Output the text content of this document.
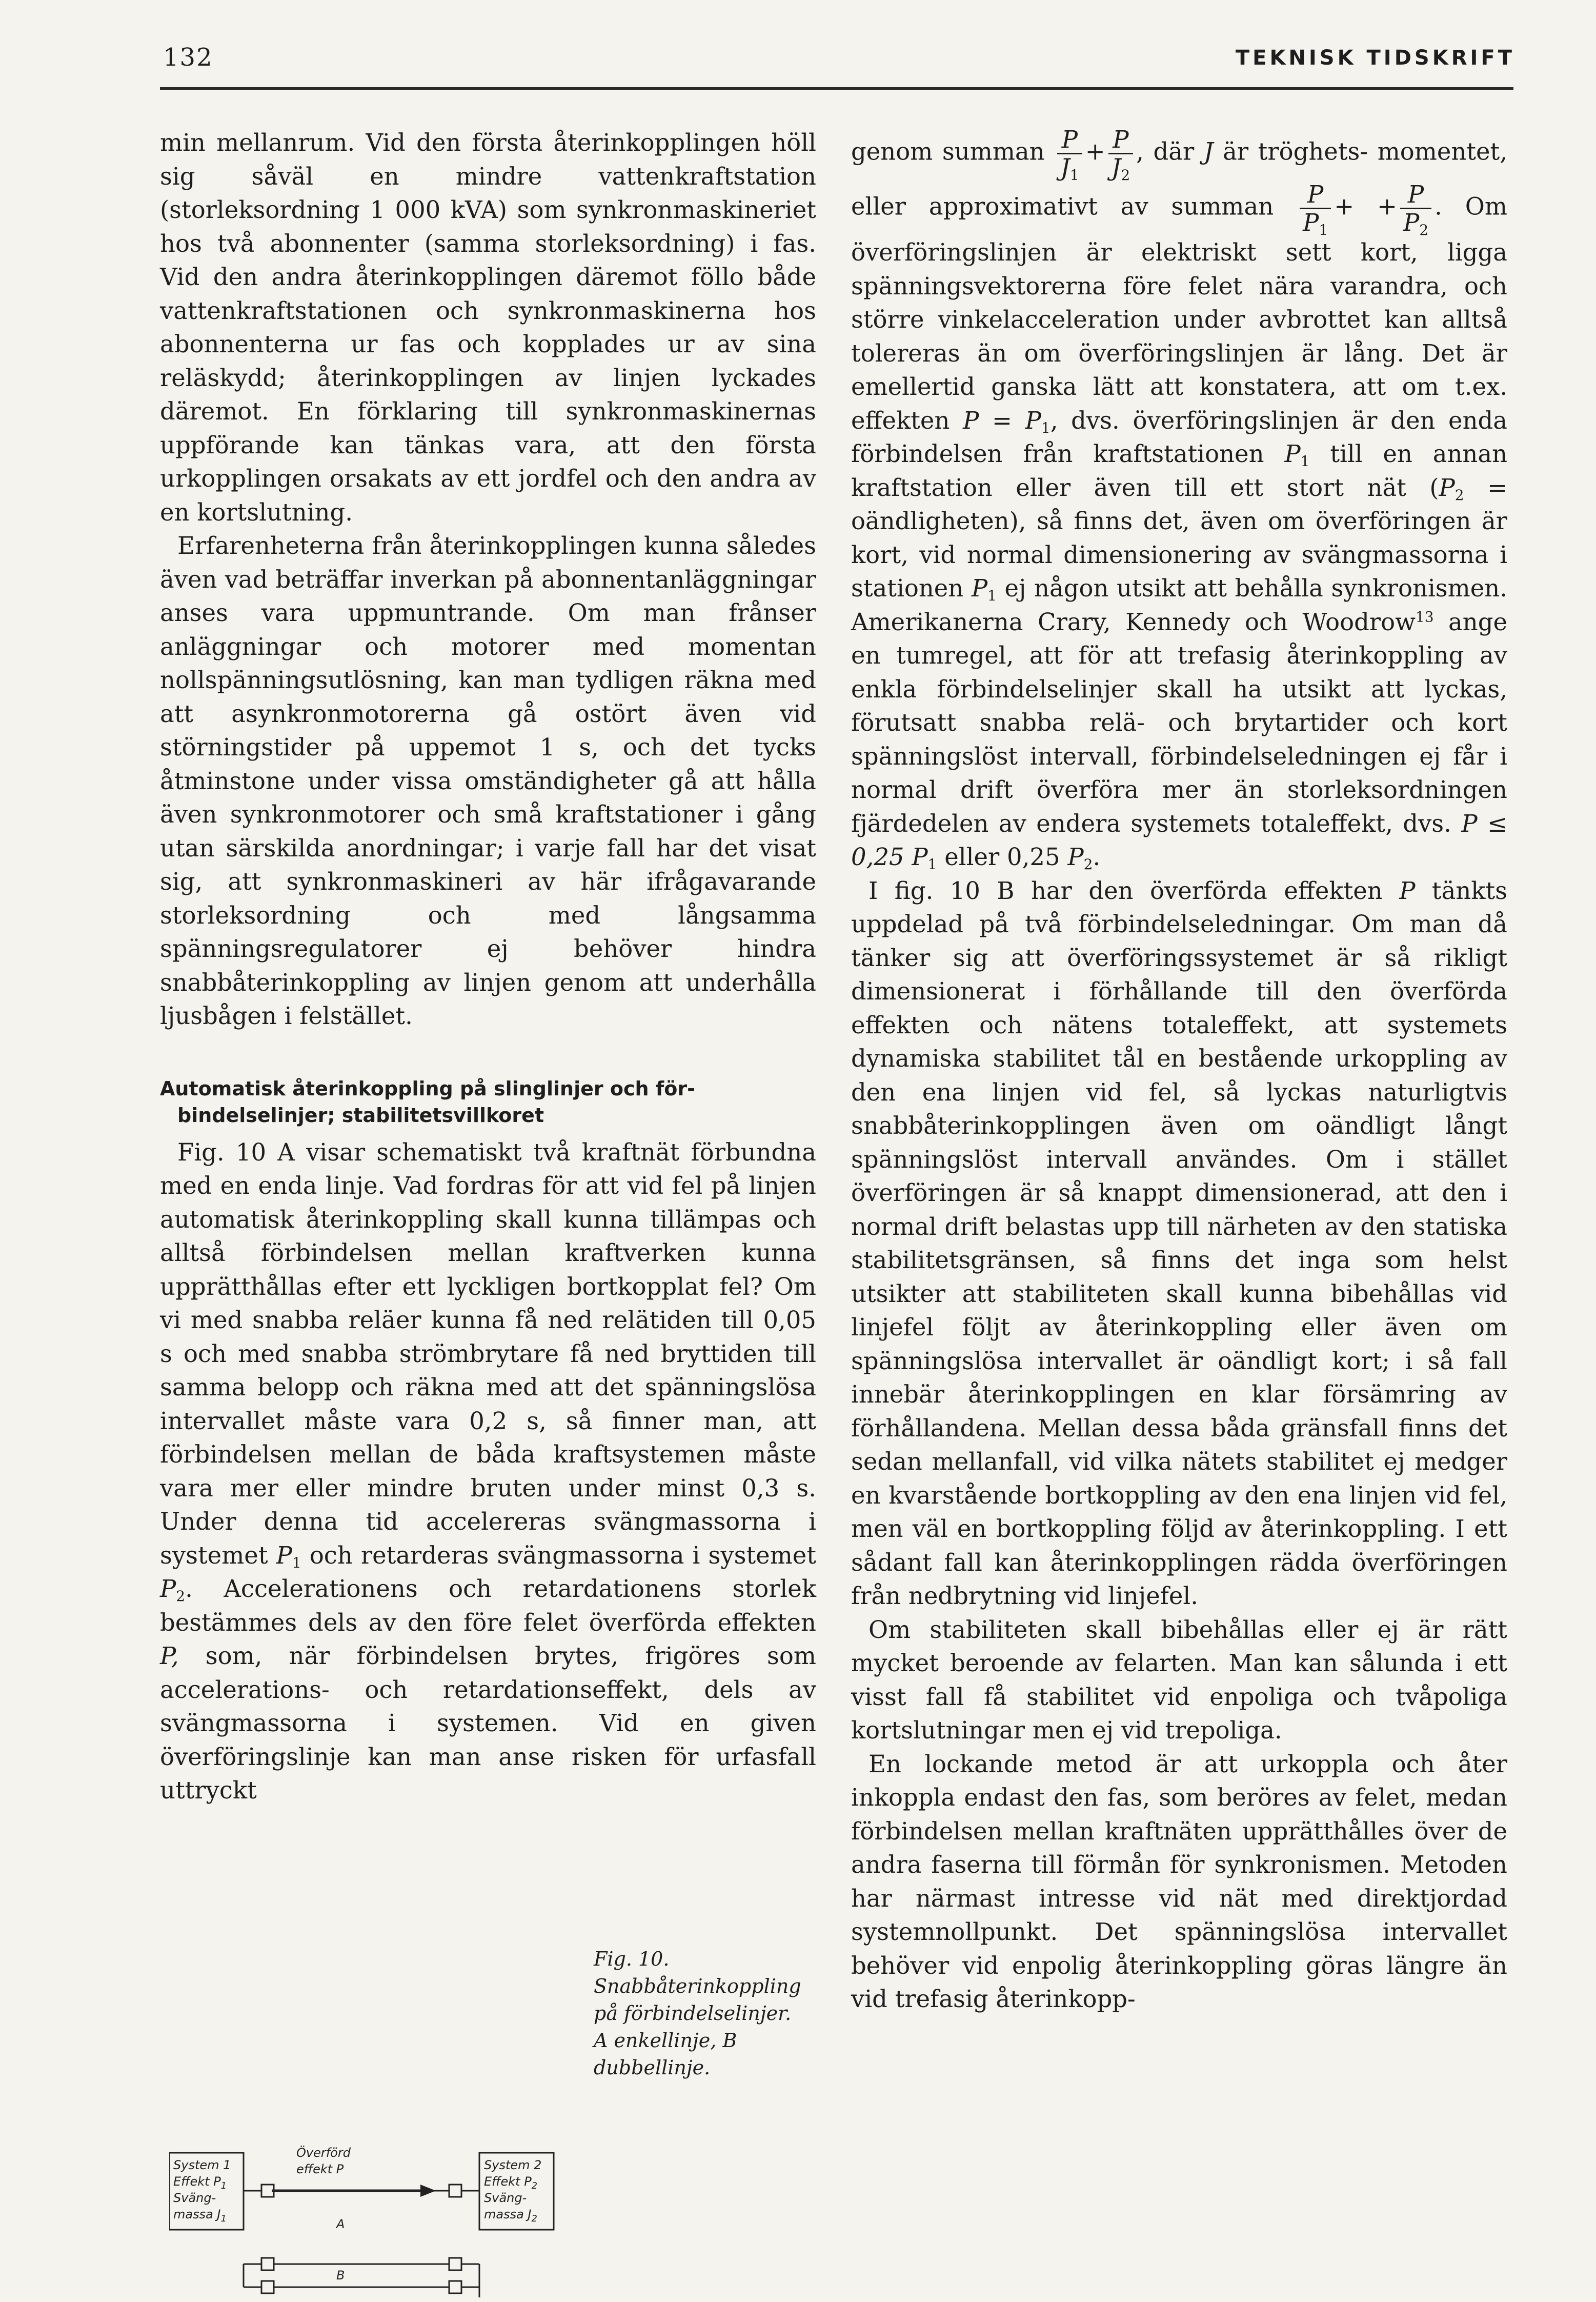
132	TEKNISK TIDSKRIFT

min mellanrum. Vid den första återinkopplingen höll sig såväl en mindre vattenkraftstation (storleksordning 1 000 kVA) som synkronmaskineriet hos två abonnenter (samma storleksordning) i fas. Vid den andra återinkopplingen däremot föllo både vattenkraftstationen och synkronmaskinerna hos abonnenterna ur fas och kopplades ur av sina reläskydd; återinkopplingen av linjen lyckades däremot. En förklaring till synkronmaskinernas uppförande kan tänkas vara, att den första urkopplingen orsakats av ett jordfel och den andra av en kortslutning.

Erfarenheterna från återinkopplingen kunna således även vad beträffar inverkan på abonnentanläggningar anses vara uppmuntrande. Om man frånser anläggningar och motorer med momentan nollspänningsutlösning, kan man tydligen räkna med att asynkronmotorerna gå ostört även vid störningstider på uppemot 1 s, och det tycks åtminstone under vissa omständigheter gå att hålla även synkronmotorer och små kraftstationer i gång utan särskilda anordningar; i varje fall har det visat sig, att synkronmaskineri av här ifrågavarande storleksordning och med långsamma spänningsregulatorer ej behöver hindra snabbåterinkoppling av linjen genom att underhålla ljusbågen i felstället.

Automatisk återinkoppling på slinglinjer och för-
bindelselinjer; stabilitetsvillkoret

Fig. 10 A visar schematiskt två kraftnät förbundna med en enda linje. Vad fordras för att vid fel på linjen automatisk återinkoppling skall kunna tillämpas och alltså förbindelsen mellan kraftverken kunna upprätthållas efter ett lyckligen bortkopplat fel? Om vi med snabba reläer kunna få ned relätiden till 0,05 s och med snabba strömbrytare få ned bryttiden till samma belopp och räkna med att det spänningslösa intervallet måste vara 0,2 s, så finner man, att förbindelsen mellan de båda kraftsystemen måste vara mer eller mindre bruten under minst 0,3 s. Under denna tid accelereras svängmassorna i systemet $P_1$ och retarderas svängmassorna i systemet $P_2$. Accelerationens och retardationens storlek bestämmes dels av den före felet överförda effekten P, som, när förbindelsen brytes, frigöres som accelerations- och retardationseffekt, dels av svängmassorna i systemen. Vid en given överföringslinje kan man anse risken för urfasfall uttryckt

genom summan $\frac{P}{J_1} + \frac{P}{J_2}$ , där J är tröghets- momentet, eller approximativt av summan $\frac{P}{P_1}$ + + $\frac{P}{P_2}$ . Om överföringslinjen är elektriskt sett kort, ligga spänningsvektorerna före felet nära varandra, och större vinkelacceleration under avbrottet kan alltså tolereras än om överföringslinjen är lång. Det är emellertid ganska lätt att konstatera, att om t.ex. effekten $P = P_1$, dvs. överföringslinjen är den enda förbindelsen från kraftstationen $P_1$ till en annan kraftstation eller även till ett stort nät ($P_2$ = oändligheten), så finns det, även om överföringen är kort, vid normal dimensionering av svängmassorna i stationen $P_1$ ej någon utsikt att behålla synkronismen. Amerikanerna Crary, Kennedy och Woodrow$^{13}$ ange en tumregel, att för att trefasig återinkoppling av enkla förbindelselinjer skall ha utsikt att lyckas, förutsatt snabba relä- och brytartider och kort spänningslöst intervall, förbindelseledningen ej får i normal drift överföra mer än storleksordningen fjärdedelen av endera systemets totaleffekt, dvs. P ≤ 0,25 $P_1$ eller 0,25 $P_2$.

I fig. 10 B har den överförda effekten P tänkts uppdelad på två förbindelseledningar. Om man då tänker sig att överföringssystemet är så rikligt dimensionerat i förhållande till den överförda effekten och nätens totaleffekt, att systemets dynamiska stabilitet tål en bestående urkoppling av den ena linjen vid fel, så lyckas naturligtvis snabbåterinkopplingen även om oändligt långt spänningslöst intervall användes. Om i stället överföringen är så knappt dimensionerad, att den i normal drift belastas upp till närheten av den statiska stabilitetsgränsen, så finns det inga som helst utsikter att stabiliteten skall kunna bibehållas vid linjefel följt av återinkoppling eller även om spänningslösa intervallet är oändligt kort; i så fall innebär återinkopplingen en klar försämring av förhållandena. Mellan dessa båda gränsfall finns det sedan mellanfall, vid vilka nätets stabilitet ej medger en kvarstående bortkoppling av den ena linjen vid fel, men väl en bortkoppling följd av återinkoppling. I ett sådant fall kan återinkopplingen rädda överföringen från nedbrytning vid linjefel.

Om stabiliteten skall bibehållas eller ej är rätt mycket beroende av felarten. Man kan sålunda i ett visst fall få stabilitet vid enpoliga och tvåpoliga kortslutningar men ej vid trepoliga.

En lockande metod är att urkoppla och åter inkoppla endast den fas, som beröres av felet, medan förbindelsen mellan kraftnäten upprätthålles över de andra faserna till förmån för synkronismen. Metoden har närmast intresse vid nät med direktjordad systemnollpunkt. Det spänningslösa intervallet behöver vid enpolig återinkoppling göras längre än vid trefasig återinkopp-

System 1
Effekt $P_1$
Sväng-
massa $J_1$
Överförd
effekt P
A
System 2
Effekt $P_2$
Sväng-
massa $J_2$
B
Fig. 10. Snabbåterinkoppling på förbindelselinjer. A enkellinje, B dubbellinje.
